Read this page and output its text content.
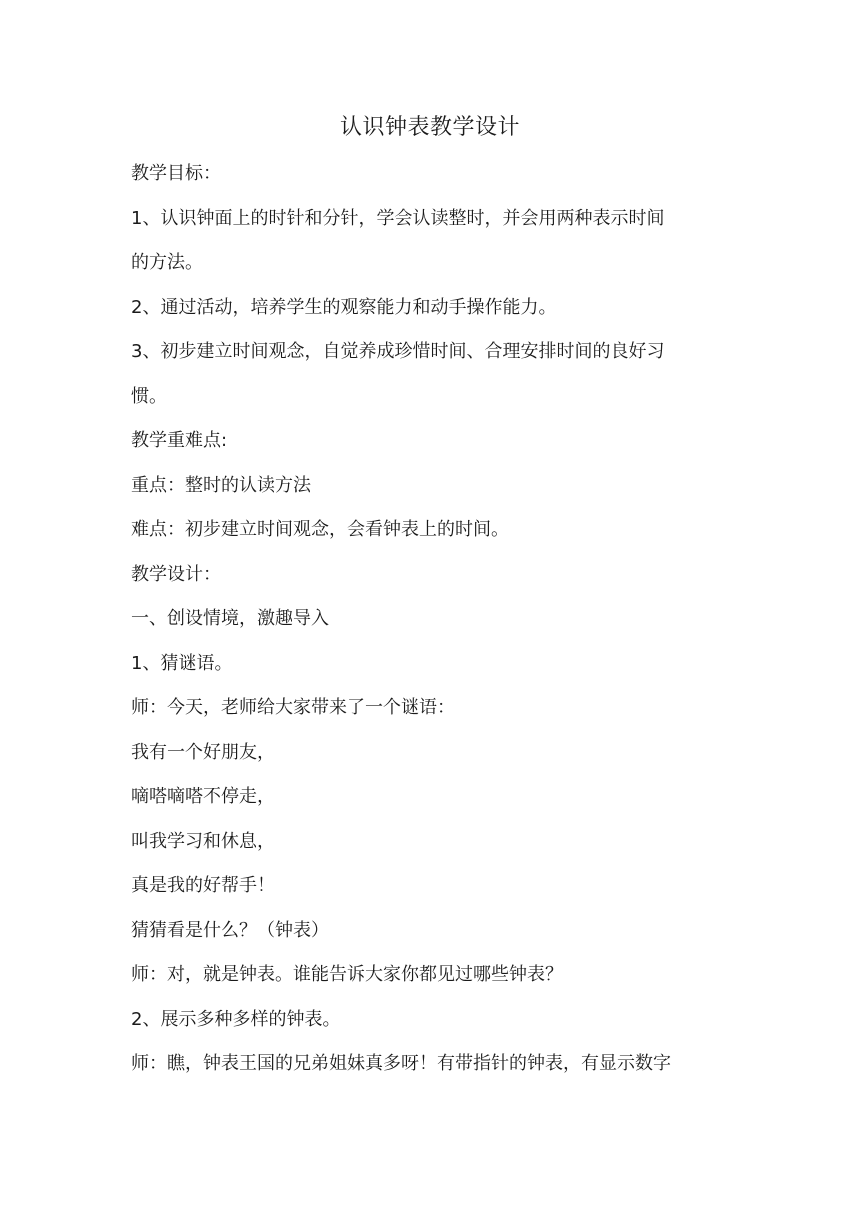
认识钟表教学设计
教学目标：
1、认识钟面上的时针和分针，学会认读整时，并会用两种表示时间
的方法。
2、通过活动，培养学生的观察能力和动手操作能力。
3、初步建立时间观念，自觉养成珍惜时间、合理安排时间的良好习
惯。
教学重难点:
重点：整时的认读方法
难点：初步建立时间观念，会看钟表上的时间。
教学设计：
一、创设情境，激趣导入
1、猜谜语。
师：今天，老师给大家带来了一个谜语：
我有一个好朋友，
嘀嗒嘀嗒不停走，
叫我学习和休息，
真是我的好帮手！
猜猜看是什么？（钟表）
师：对，就是钟表。谁能告诉大家你都见过哪些钟表？
2、展示多种多样的钟表。
师：瞧，钟表王国的兄弟姐妹真多呀！有带指针的钟表，有显示数字
